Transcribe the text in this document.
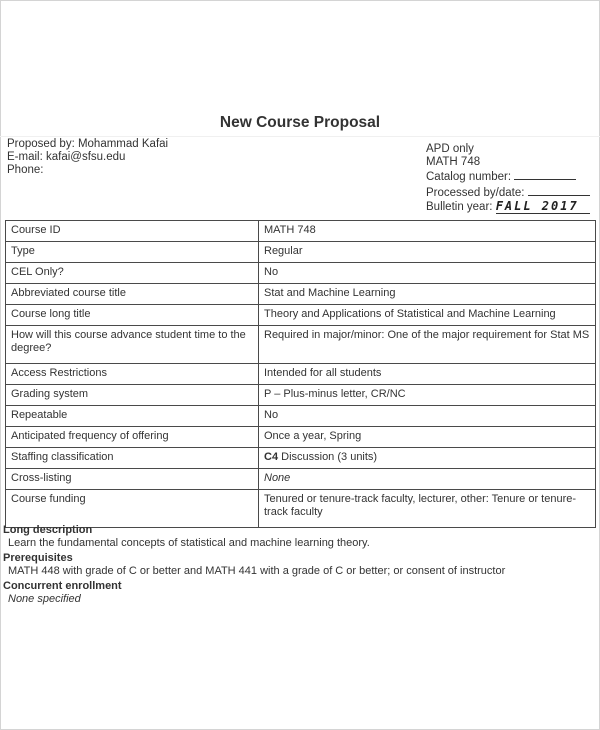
New Course Proposal
Proposed by: Mohammad Kafai
E-mail: kafai@sfsu.edu
Phone:
APD only
MATH 748
Catalog number:
Processed by/date:
Bulletin year: FALL 2017
Course ID	MATH 748
Type	Regular
CEL Only?	No
Abbreviated course title	Stat and Machine Learning
Course long title	Theory and Applications of Statistical and Machine Learning
How will this course advance student time to the degree?	Required in major/minor: One of the major requirement for Stat MS
Access Restrictions	Intended for all students
Grading system	P – Plus-minus letter, CR/NC
Repeatable	No
Anticipated frequency of offering	Once a year, Spring
Staffing classification	C4 Discussion (3 units)
Cross-listing	None
Course funding	Tenured or tenure-track faculty, lecturer, other: Tenure or tenure-track faculty
Long description
Learn the fundamental concepts of statistical and machine learning theory.
Prerequisites
MATH 448 with grade of C or better and MATH 441 with a grade of C or better; or consent of instructor
Concurrent enrollment
None specified
